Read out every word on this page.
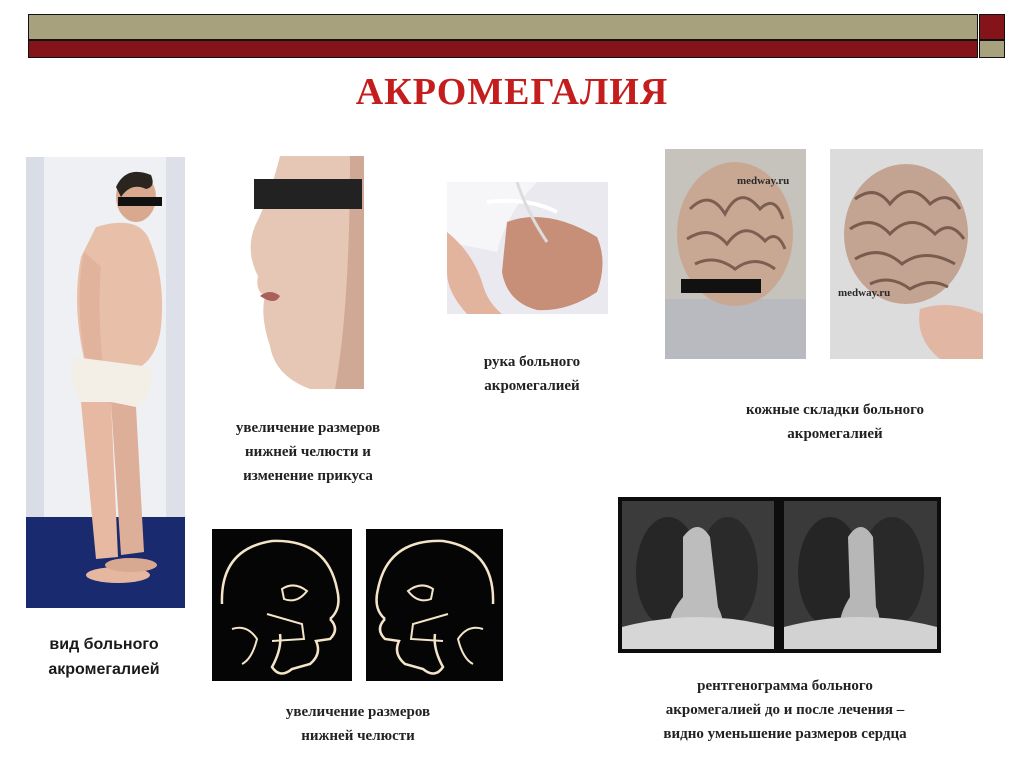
АКРОМЕГАЛИЯ
вид больного
акромегалией
увеличение размеров
нижней челюсти и
изменение прикуса
рука больного
акромегалией
medway.ru
medway.ru
кожные складки больного
акромегалией
увеличение размеров
нижней челюсти
рентгенограмма больного
акромегалией до и после лечения –
видно уменьшение размеров сердца
